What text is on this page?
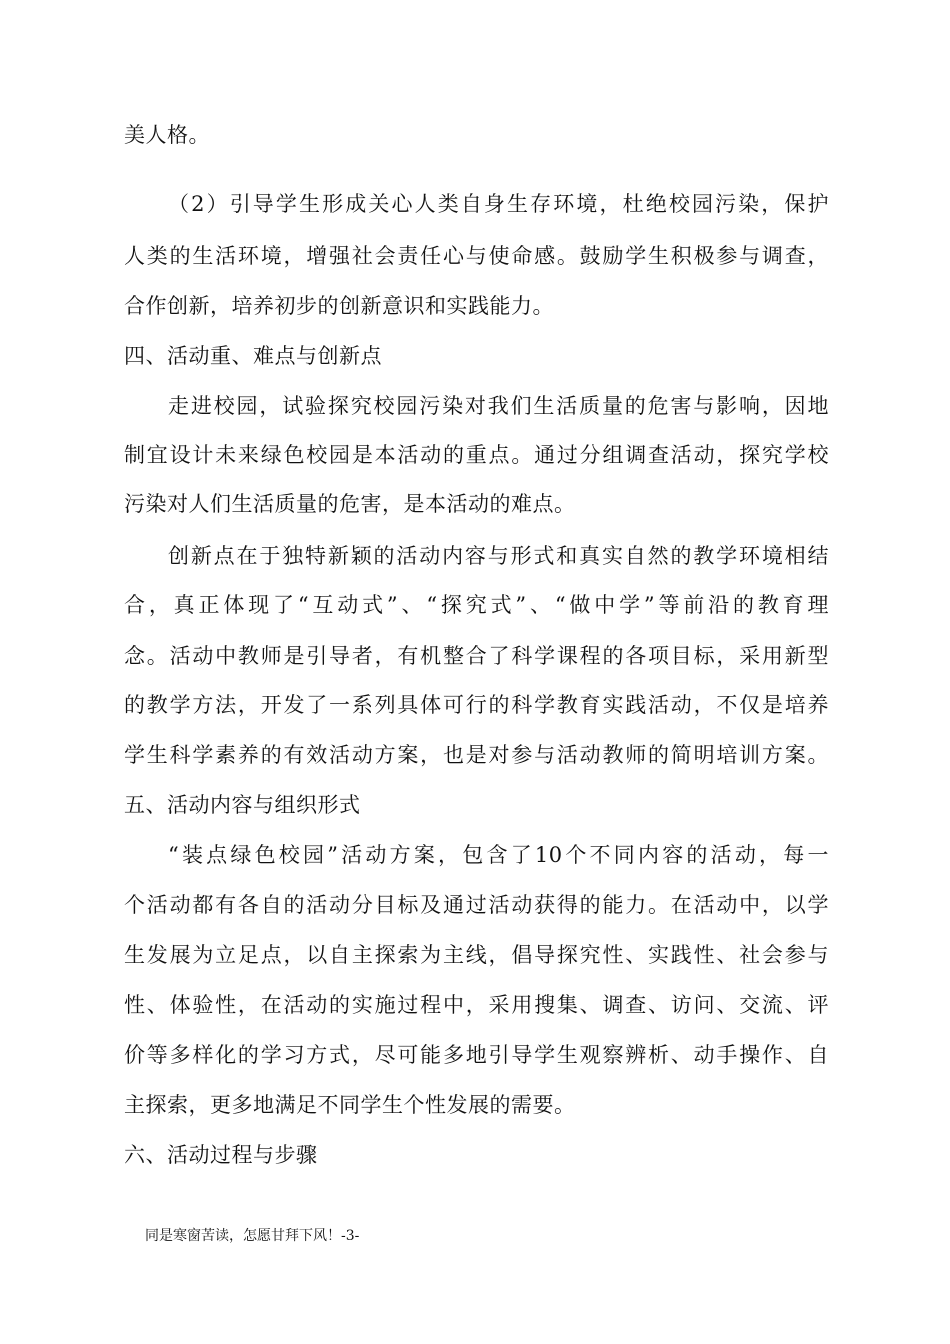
美人格。
（2）引导学生形成关心人类自身生存环境，杜绝校园污染，保护
人类的生活环境，增强社会责任心与使命感。鼓励学生积极参与调查，
合作创新，培养初步的创新意识和实践能力。
四、活动重、难点与创新点
走进校园，试验探究校园污染对我们生活质量的危害与影响，因地
制宜设计未来绿色校园是本活动的重点。通过分组调查活动，探究学校
污染对人们生活质量的危害，是本活动的难点。
创新点在于独特新颖的活动内容与形式和真实自然的教学环境相结
合，真正体现了“互动式”、“探究式”、“做中学”等前沿的教育理
念。活动中教师是引导者，有机整合了科学课程的各项目标，采用新型
的教学方法，开发了一系列具体可行的科学教育实践活动，不仅是培养
学生科学素养的有效活动方案，也是对参与活动教师的简明培训方案。
五、活动内容与组织形式
“装点绿色校园”活动方案，包含了10个不同内容的活动，每一
个活动都有各自的活动分目标及通过活动获得的能力。在活动中，以学
生发展为立足点，以自主探索为主线，倡导探究性、实践性、社会参与
性、体验性，在活动的实施过程中，采用搜集、调查、访问、交流、评
价等多样化的学习方式，尽可能多地引导学生观察辨析、动手操作、自
主探索，更多地满足不同学生个性发展的需要。
六、活动过程与步骤
同是寒窗苦读，怎愿甘拜下风！-3-
